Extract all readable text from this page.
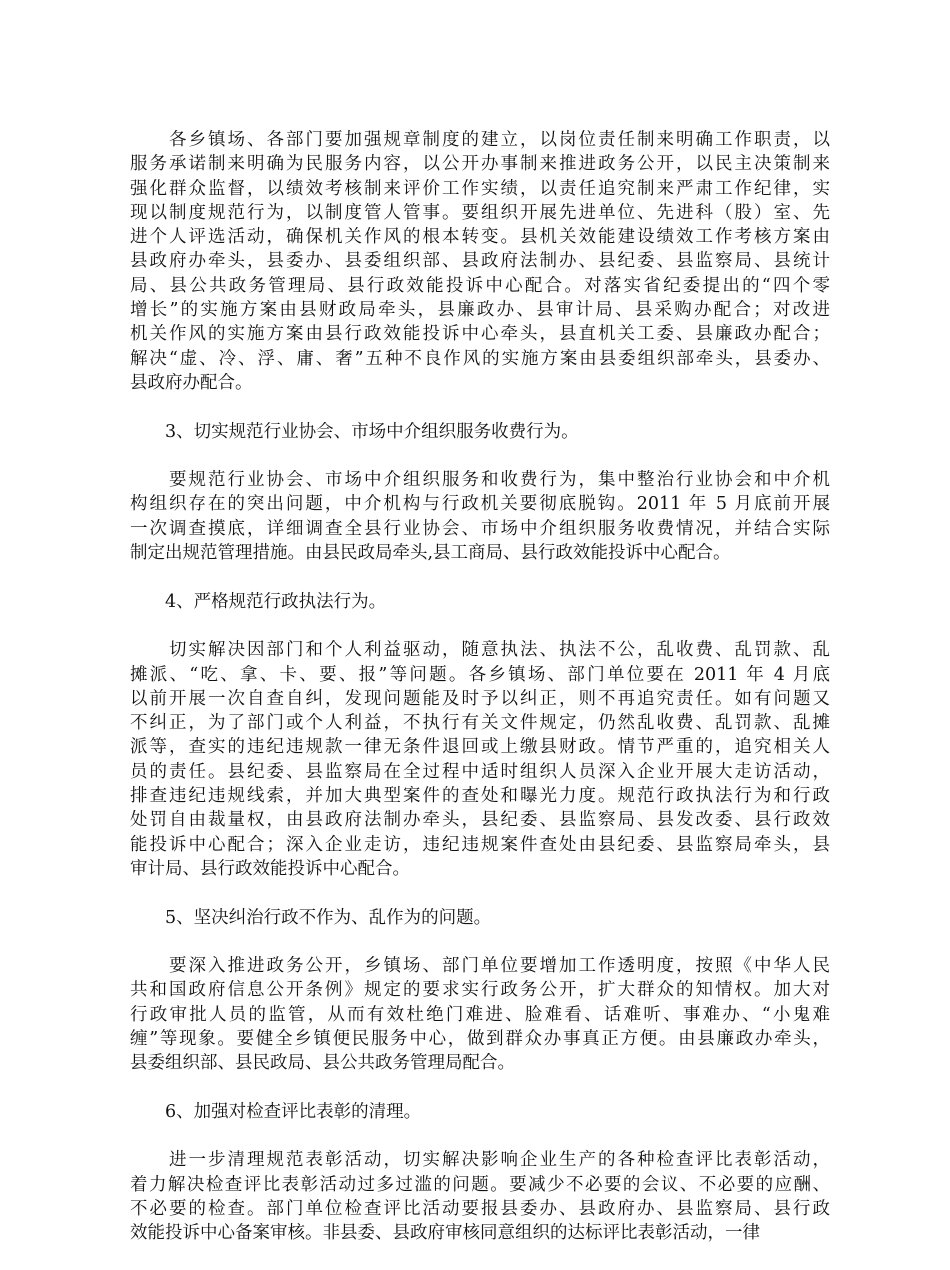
　　各乡镇场、各部门要加强规章制度的建立，以岗位责任制来明确工作职责，以
服务承诺制来明确为民服务内容，以公开办事制来推进政务公开，以民主决策制来
强化群众监督，以绩效考核制来评价工作实绩，以责任追究制来严肃工作纪律，实
现以制度规范行为，以制度管人管事。要组织开展先进单位、先进科（股）室、先
进个人评选活动，确保机关作风的根本转变。县机关效能建设绩效工作考核方案由
县政府办牵头，县委办、县委组织部、县政府法制办、县纪委、县监察局、县统计
局、县公共政务管理局、县行政效能投诉中心配合。对落实省纪委提出的“四个零
增长”的实施方案由县财政局牵头，县廉政办、县审计局、县采购办配合；对改进
机关作风的实施方案由县行政效能投诉中心牵头，县直机关工委、县廉政办配合；
解决“虚、冷、浮、庸、奢”五种不良作风的实施方案由县委组织部牵头，县委办、
县政府办配合。
　　3、切实规范行业协会、市场中介组织服务收费行为。
　　要规范行业协会、市场中介组织服务和收费行为，集中整治行业协会和中介机
构组织存在的突出问题，中介机构与行政机关要彻底脱钩。2011 年 5 月底前开展
一次调查摸底，详细调查全县行业协会、市场中介组织服务收费情况，并结合实际
制定出规范管理措施。由县民政局牵头,县工商局、县行政效能投诉中心配合。
　　4、严格规范行政执法行为。
　　切实解决因部门和个人利益驱动，随意执法、执法不公，乱收费、乱罚款、乱
摊派、“吃、拿、卡、要、报”等问题。各乡镇场、部门单位要在 2011 年 4 月底
以前开展一次自查自纠，发现问题能及时予以纠正，则不再追究责任。如有问题又
不纠正，为了部门或个人利益，不执行有关文件规定，仍然乱收费、乱罚款、乱摊
派等，查实的违纪违规款一律无条件退回或上缴县财政。情节严重的，追究相关人
员的责任。县纪委、县监察局在全过程中适时组织人员深入企业开展大走访活动，
排查违纪违规线索，并加大典型案件的查处和曝光力度。规范行政执法行为和行政
处罚自由裁量权，由县政府法制办牵头，县纪委、县监察局、县发改委、县行政效
能投诉中心配合；深入企业走访，违纪违规案件查处由县纪委、县监察局牵头，县
审计局、县行政效能投诉中心配合。
　　5、坚决纠治行政不作为、乱作为的问题。
　　要深入推进政务公开，乡镇场、部门单位要增加工作透明度，按照《中华人民
共和国政府信息公开条例》规定的要求实行政务公开，扩大群众的知情权。加大对
行政审批人员的监管，从而有效杜绝门难进、脸难看、话难听、事难办、“小鬼难
缠”等现象。要健全乡镇便民服务中心，做到群众办事真正方便。由县廉政办牵头，
县委组织部、县民政局、县公共政务管理局配合。
　　6、加强对检查评比表彰的清理。
　　进一步清理规范表彰活动，切实解决影响企业生产的各种检查评比表彰活动，
着力解决检查评比表彰活动过多过滥的问题。要减少不必要的会议、不必要的应酬、
不必要的检查。部门单位检查评比活动要报县委办、县政府办、县监察局、县行政
效能投诉中心备案审核。非县委、县政府审核同意组织的达标评比表彰活动，一律
